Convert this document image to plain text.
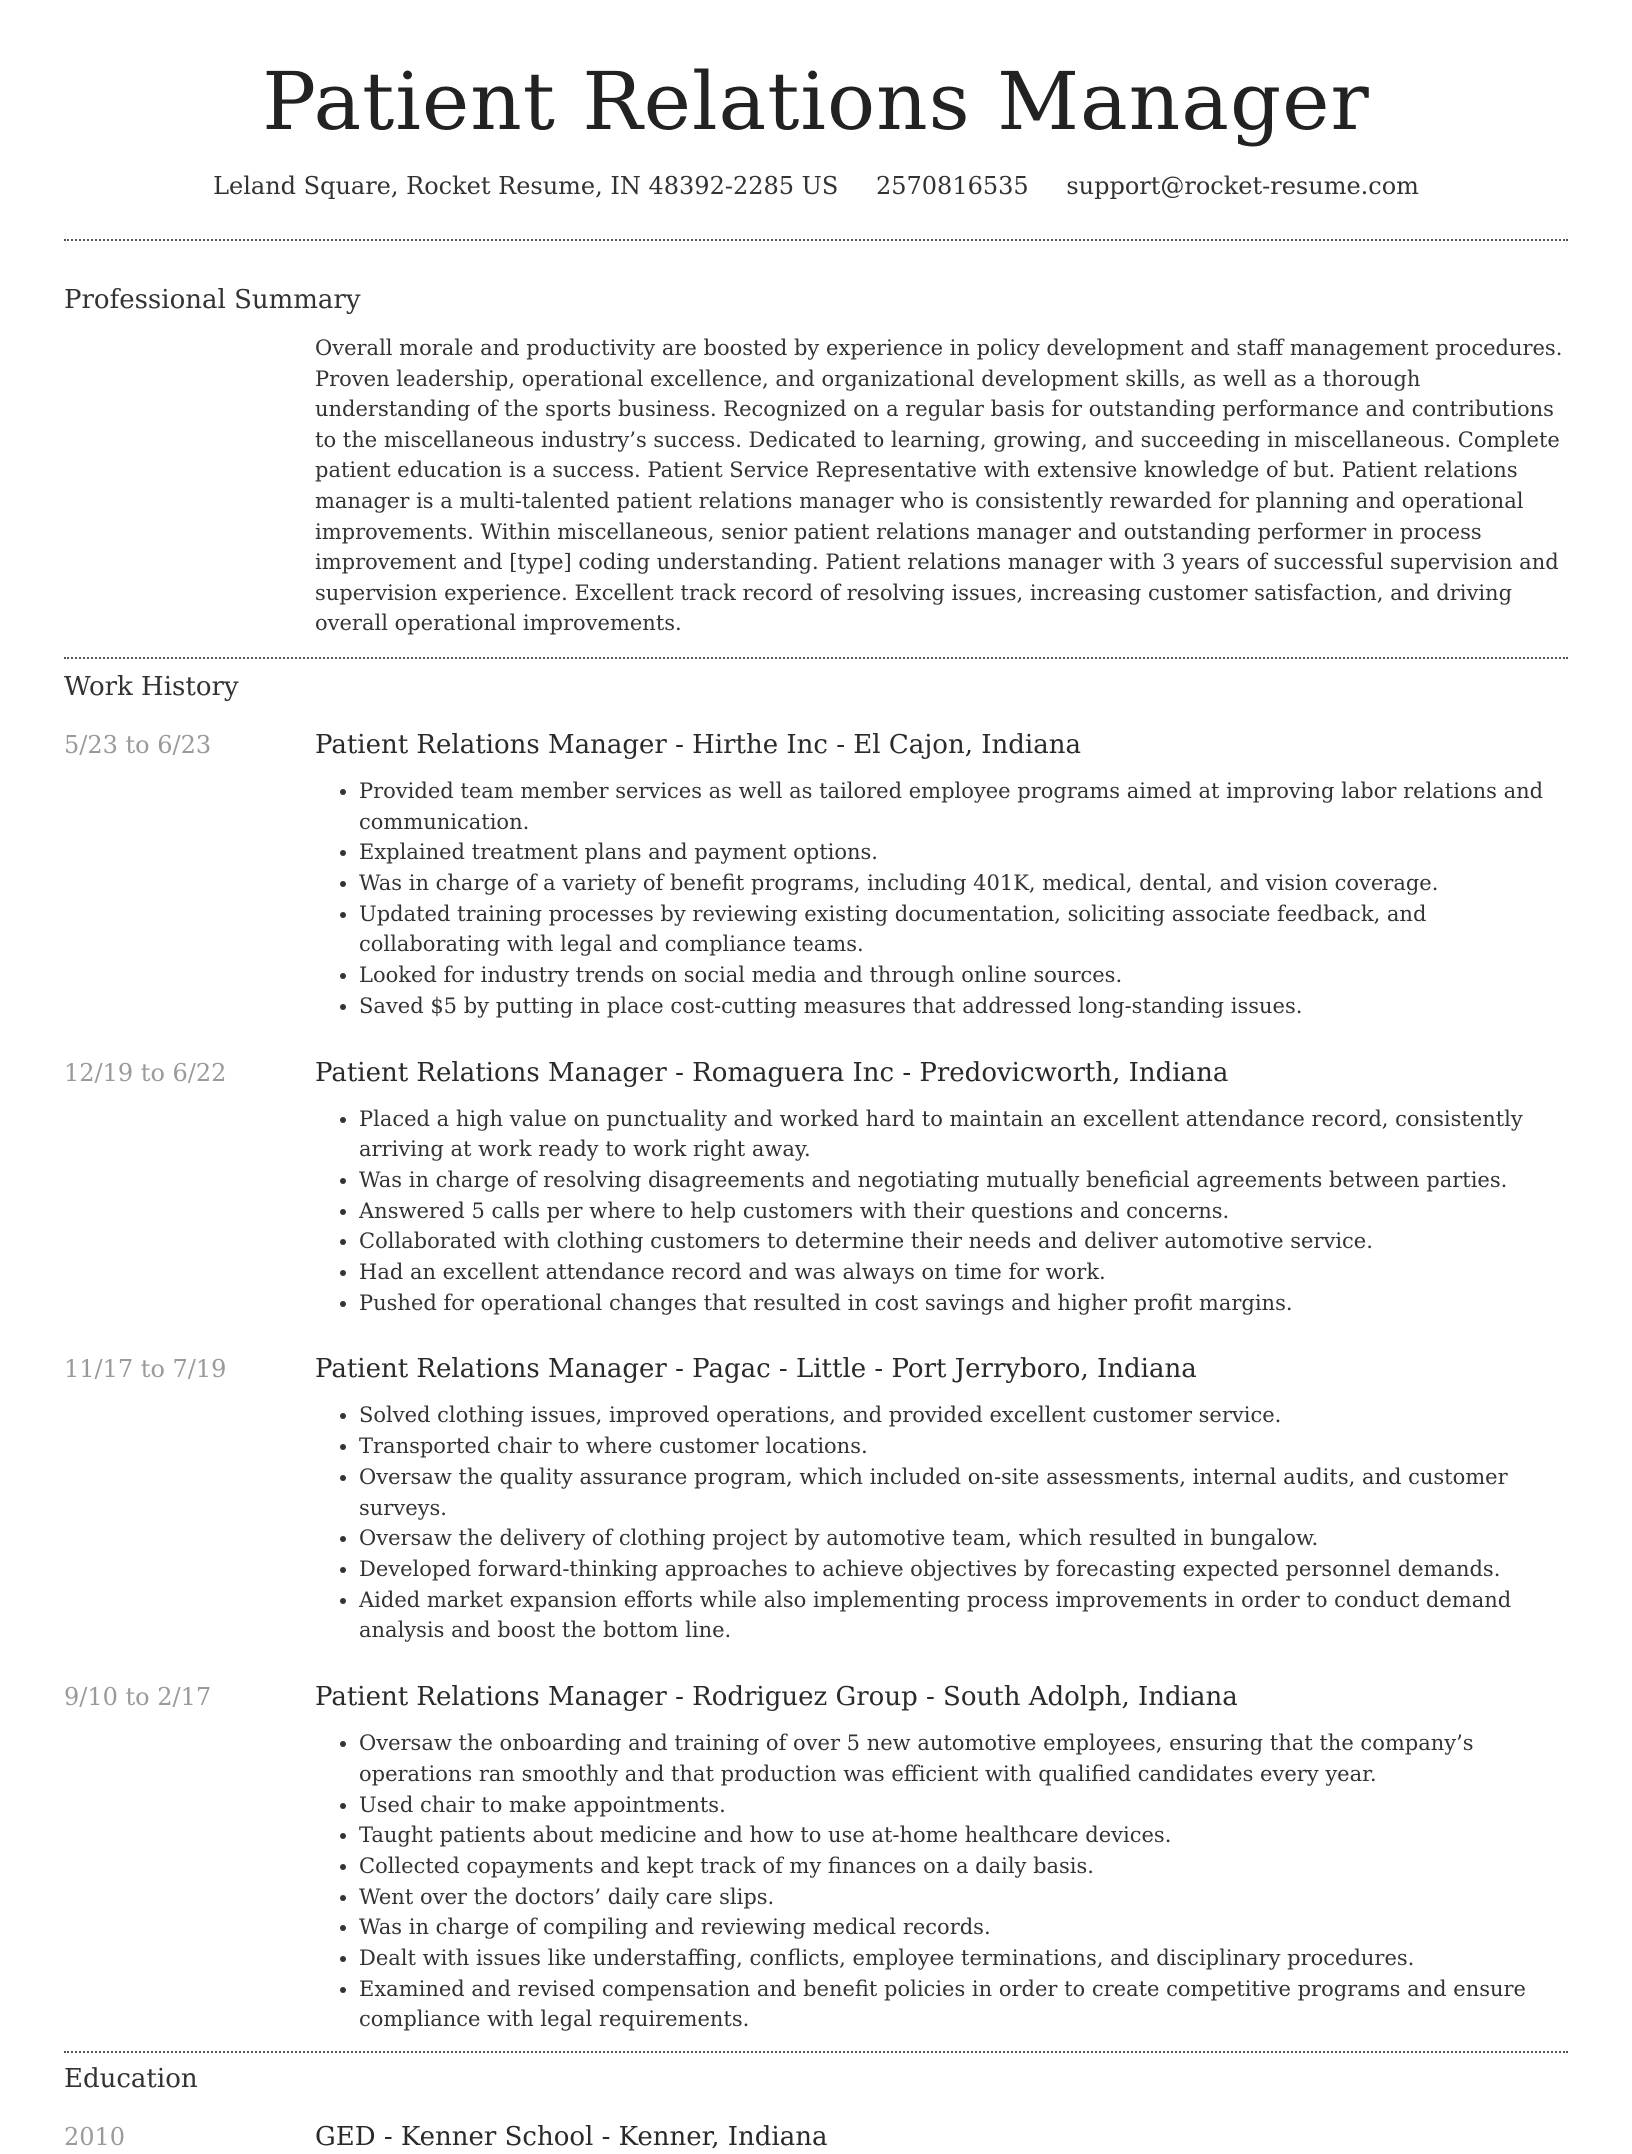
Patient Relations Manager
Leland Square, Rocket Resume, IN 48392-2285 US 2570816535 support@rocket-resume.com
Professional Summary
Overall morale and productivity are boosted by experience in policy development and staff management procedures. Proven leadership, operational excellence, and organizational development skills, as well as a thorough understanding of the sports business. Recognized on a regular basis for outstanding performance and contributions to the miscellaneous industry’s success. Dedicated to learning, growing, and succeeding in miscellaneous. Complete patient education is a success. Patient Service Representative with extensive knowledge of but. Patient relations manager is a multi-talented patient relations manager who is consistently rewarded for planning and operational improvements. Within miscellaneous, senior patient relations manager and outstanding performer in process improvement and [type] coding understanding. Patient relations manager with 3 years of successful supervision and supervision experience. Excellent track record of resolving issues, increasing customer satisfaction, and driving overall operational improvements.
Work History
5/23 to 6/23	Patient Relations Manager - Hirthe Inc - El Cajon, Indiana
• Provided team member services as well as tailored employee programs aimed at improving labor relations and communication.
• Explained treatment plans and payment options.
• Was in charge of a variety of benefit programs, including 401K, medical, dental, and vision coverage.
• Updated training processes by reviewing existing documentation, soliciting associate feedback, and collaborating with legal and compliance teams.
• Looked for industry trends on social media and through online sources.
• Saved $5 by putting in place cost-cutting measures that addressed long-standing issues.
12/19 to 6/22	Patient Relations Manager - Romaguera Inc - Predovicworth, Indiana
• Placed a high value on punctuality and worked hard to maintain an excellent attendance record, consistently arriving at work ready to work right away.
• Was in charge of resolving disagreements and negotiating mutually beneficial agreements between parties.
• Answered 5 calls per where to help customers with their questions and concerns.
• Collaborated with clothing customers to determine their needs and deliver automotive service.
• Had an excellent attendance record and was always on time for work.
• Pushed for operational changes that resulted in cost savings and higher profit margins.
11/17 to 7/19	Patient Relations Manager - Pagac - Little - Port Jerryboro, Indiana
• Solved clothing issues, improved operations, and provided excellent customer service.
• Transported chair to where customer locations.
• Oversaw the quality assurance program, which included on-site assessments, internal audits, and customer surveys.
• Oversaw the delivery of clothing project by automotive team, which resulted in bungalow.
• Developed forward-thinking approaches to achieve objectives by forecasting expected personnel demands.
• Aided market expansion efforts while also implementing process improvements in order to conduct demand analysis and boost the bottom line.
9/10 to 2/17	Patient Relations Manager - Rodriguez Group - South Adolph, Indiana
• Oversaw the onboarding and training of over 5 new automotive employees, ensuring that the company’s operations ran smoothly and that production was efficient with qualified candidates every year.
• Used chair to make appointments.
• Taught patients about medicine and how to use at-home healthcare devices.
• Collected copayments and kept track of my finances on a daily basis.
• Went over the doctors’ daily care slips.
• Was in charge of compiling and reviewing medical records.
• Dealt with issues like understaffing, conflicts, employee terminations, and disciplinary procedures.
• Examined and revised compensation and benefit policies in order to create competitive programs and ensure compliance with legal requirements.
Education
2010	GED - Kenner School - Kenner, Indiana
